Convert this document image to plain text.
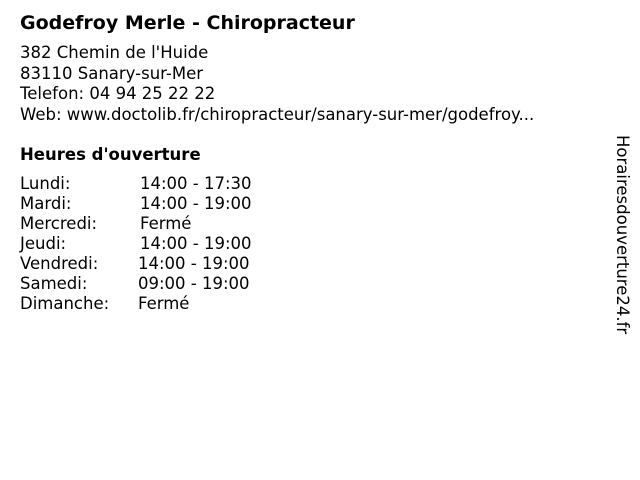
Godefroy Merle - Chiropracteur
382 Chemin de l'Huide
83110 Sanary-sur-Mer
Telefon: 04 94 25 22 22
Web: www.doctolib.fr/chiropracteur/sanary-sur-mer/godefroy...
Heures d'ouverture
Lundi:	14:00 - 17:30
Mardi:	14:00 - 19:00
Mercredi:	Fermé
Jeudi:	14:00 - 19:00
Vendredi: 14:00 - 19:00
Samedi:	09:00 - 19:00
Dimanche: Fermé	Horairesdouverture24.fr
